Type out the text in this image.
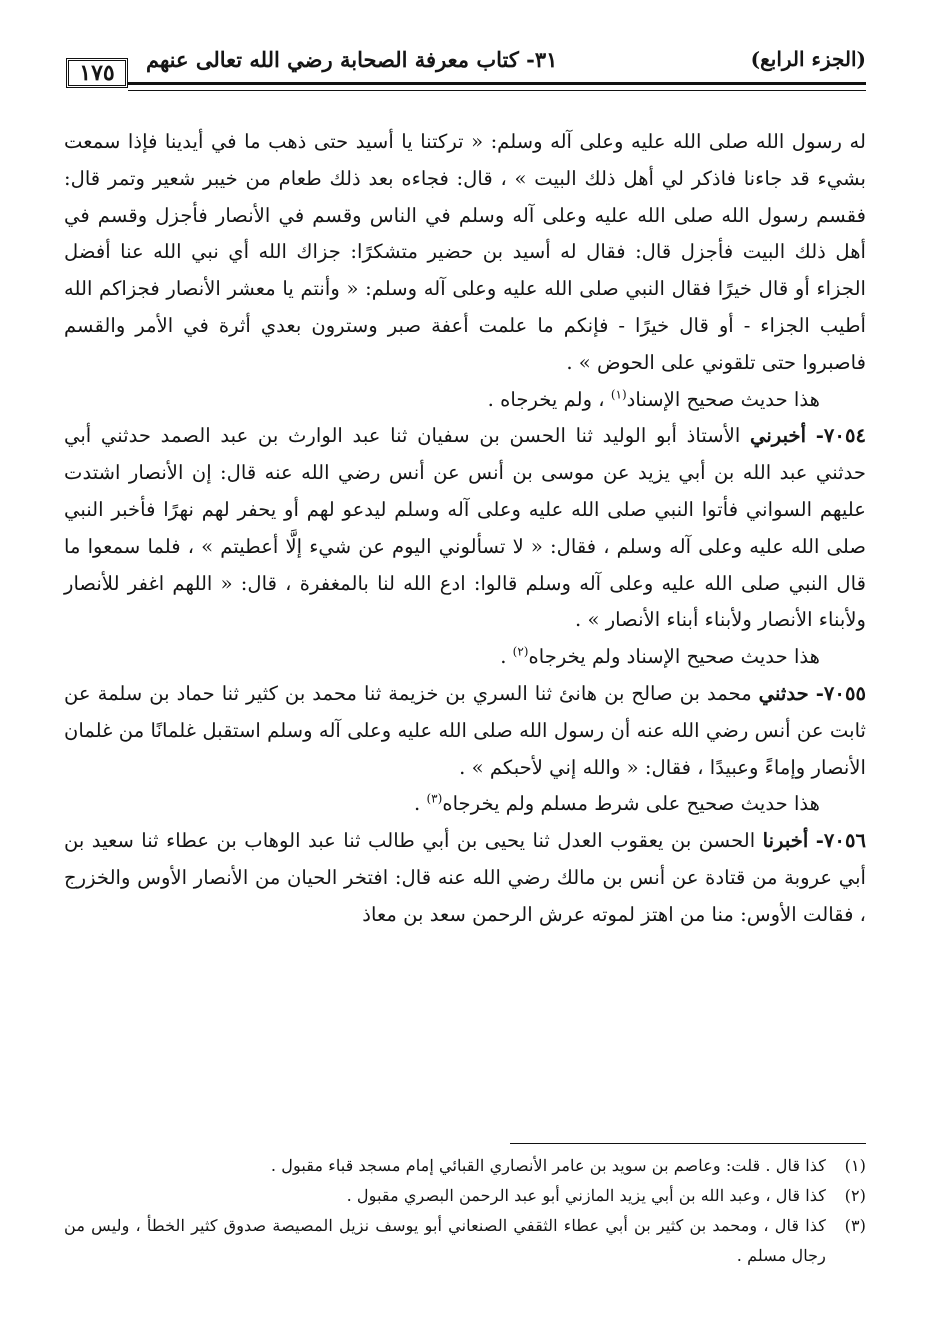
١٧٥
(الجزء الرابع)
٣١- كتاب معرفة الصحابة رضي الله تعالى عنهم

له رسول الله صلى الله عليه وعلى آله وسلم: « تركتنا يا أسيد حتى ذهب ما في أيدينا فإذا سمعت بشيء قد جاءنا فاذكر لي أهل ذلك البيت » ، قال: فجاءه بعد ذلك طعام من خيبر شعير وتمر قال: فقسم رسول الله صلى الله عليه وعلى آله وسلم في الناس وقسم في الأنصار فأجزل وقسم في أهل ذلك البيت فأجزل قال: فقال له أسيد بن حضير متشكرًا: جزاك الله أي نبي الله عنا أفضل الجزاء أو قال خيرًا فقال النبي صلى الله عليه وعلى آله وسلم: « وأنتم يا معشر الأنصار فجزاكم الله أطيب الجزاء - أو قال خيرًا - فإنكم ما علمت أعفة صبر وسترون بعدي أثرة في الأمر والقسم فاصبروا حتى تلقوني على الحوض » .

هذا حديث صحيح الإسناد$^{(١)}$ ، ولم يخرجاه .

٧٠٥٤- أخبرني الأستاذ أبو الوليد ثنا الحسن بن سفيان ثنا عبد الوارث بن عبد الصمد حدثني أبي حدثني عبد الله بن أبي يزيد عن موسى بن أنس عن أنس رضي الله عنه قال: إن الأنصار اشتدت عليهم السواني فأتوا النبي صلى الله عليه وعلى آله وسلم ليدعو لهم أو يحفر لهم نهرًا فأخبر النبي صلى الله عليه وعلى آله وسلم ، فقال: « لا تسألوني اليوم عن شيء إلَّا أعطيتم » ، فلما سمعوا ما قال النبي صلى الله عليه وعلى آله وسلم قالوا: ادع الله لنا بالمغفرة ، قال: « اللهم اغفر للأنصار ولأبناء الأنصار ولأبناء أبناء الأنصار » .

هذا حديث صحيح الإسناد ولم يخرجاه$^{(٢)}$ .

٧٠٥٥- حدثني محمد بن صالح بن هانئ ثنا السري بن خزيمة ثنا محمد بن كثير ثنا حماد بن سلمة عن ثابت عن أنس رضي الله عنه أن رسول الله صلى الله عليه وعلى آله وسلم استقبل غلمانًا من غلمان الأنصار وإماءً وعبيدًا ، فقال: « والله إني لأحبكم » .

هذا حديث صحيح على شرط مسلم ولم يخرجاه$^{(٣)}$ .

٧٠٥٦- أخبرنا الحسن بن يعقوب العدل ثنا يحيى بن أبي طالب ثنا عبد الوهاب بن عطاء ثنا سعيد بن أبي عروبة من قتادة عن أنس بن مالك رضي الله عنه قال: افتخر الحيان من الأنصار الأوس والخزرج ، فقالت الأوس: منا من اهتز لموته عرش الرحمن سعد بن معاذ

(١)
كذا قال . قلت: وعاصم بن سويد بن عامر الأنصاري القبائي إمام مسجد قباء مقبول .

(٢)
كذا قال ، وعبد الله بن أبي يزيد المازني أبو عبد الرحمن البصري مقبول .

(٣)
كذا قال ، ومحمد بن كثير بن أبي عطاء الثقفي الصنعاني أبو يوسف نزيل المصيصة صدوق كثير الخطأ ، وليس من رجال مسلم .
